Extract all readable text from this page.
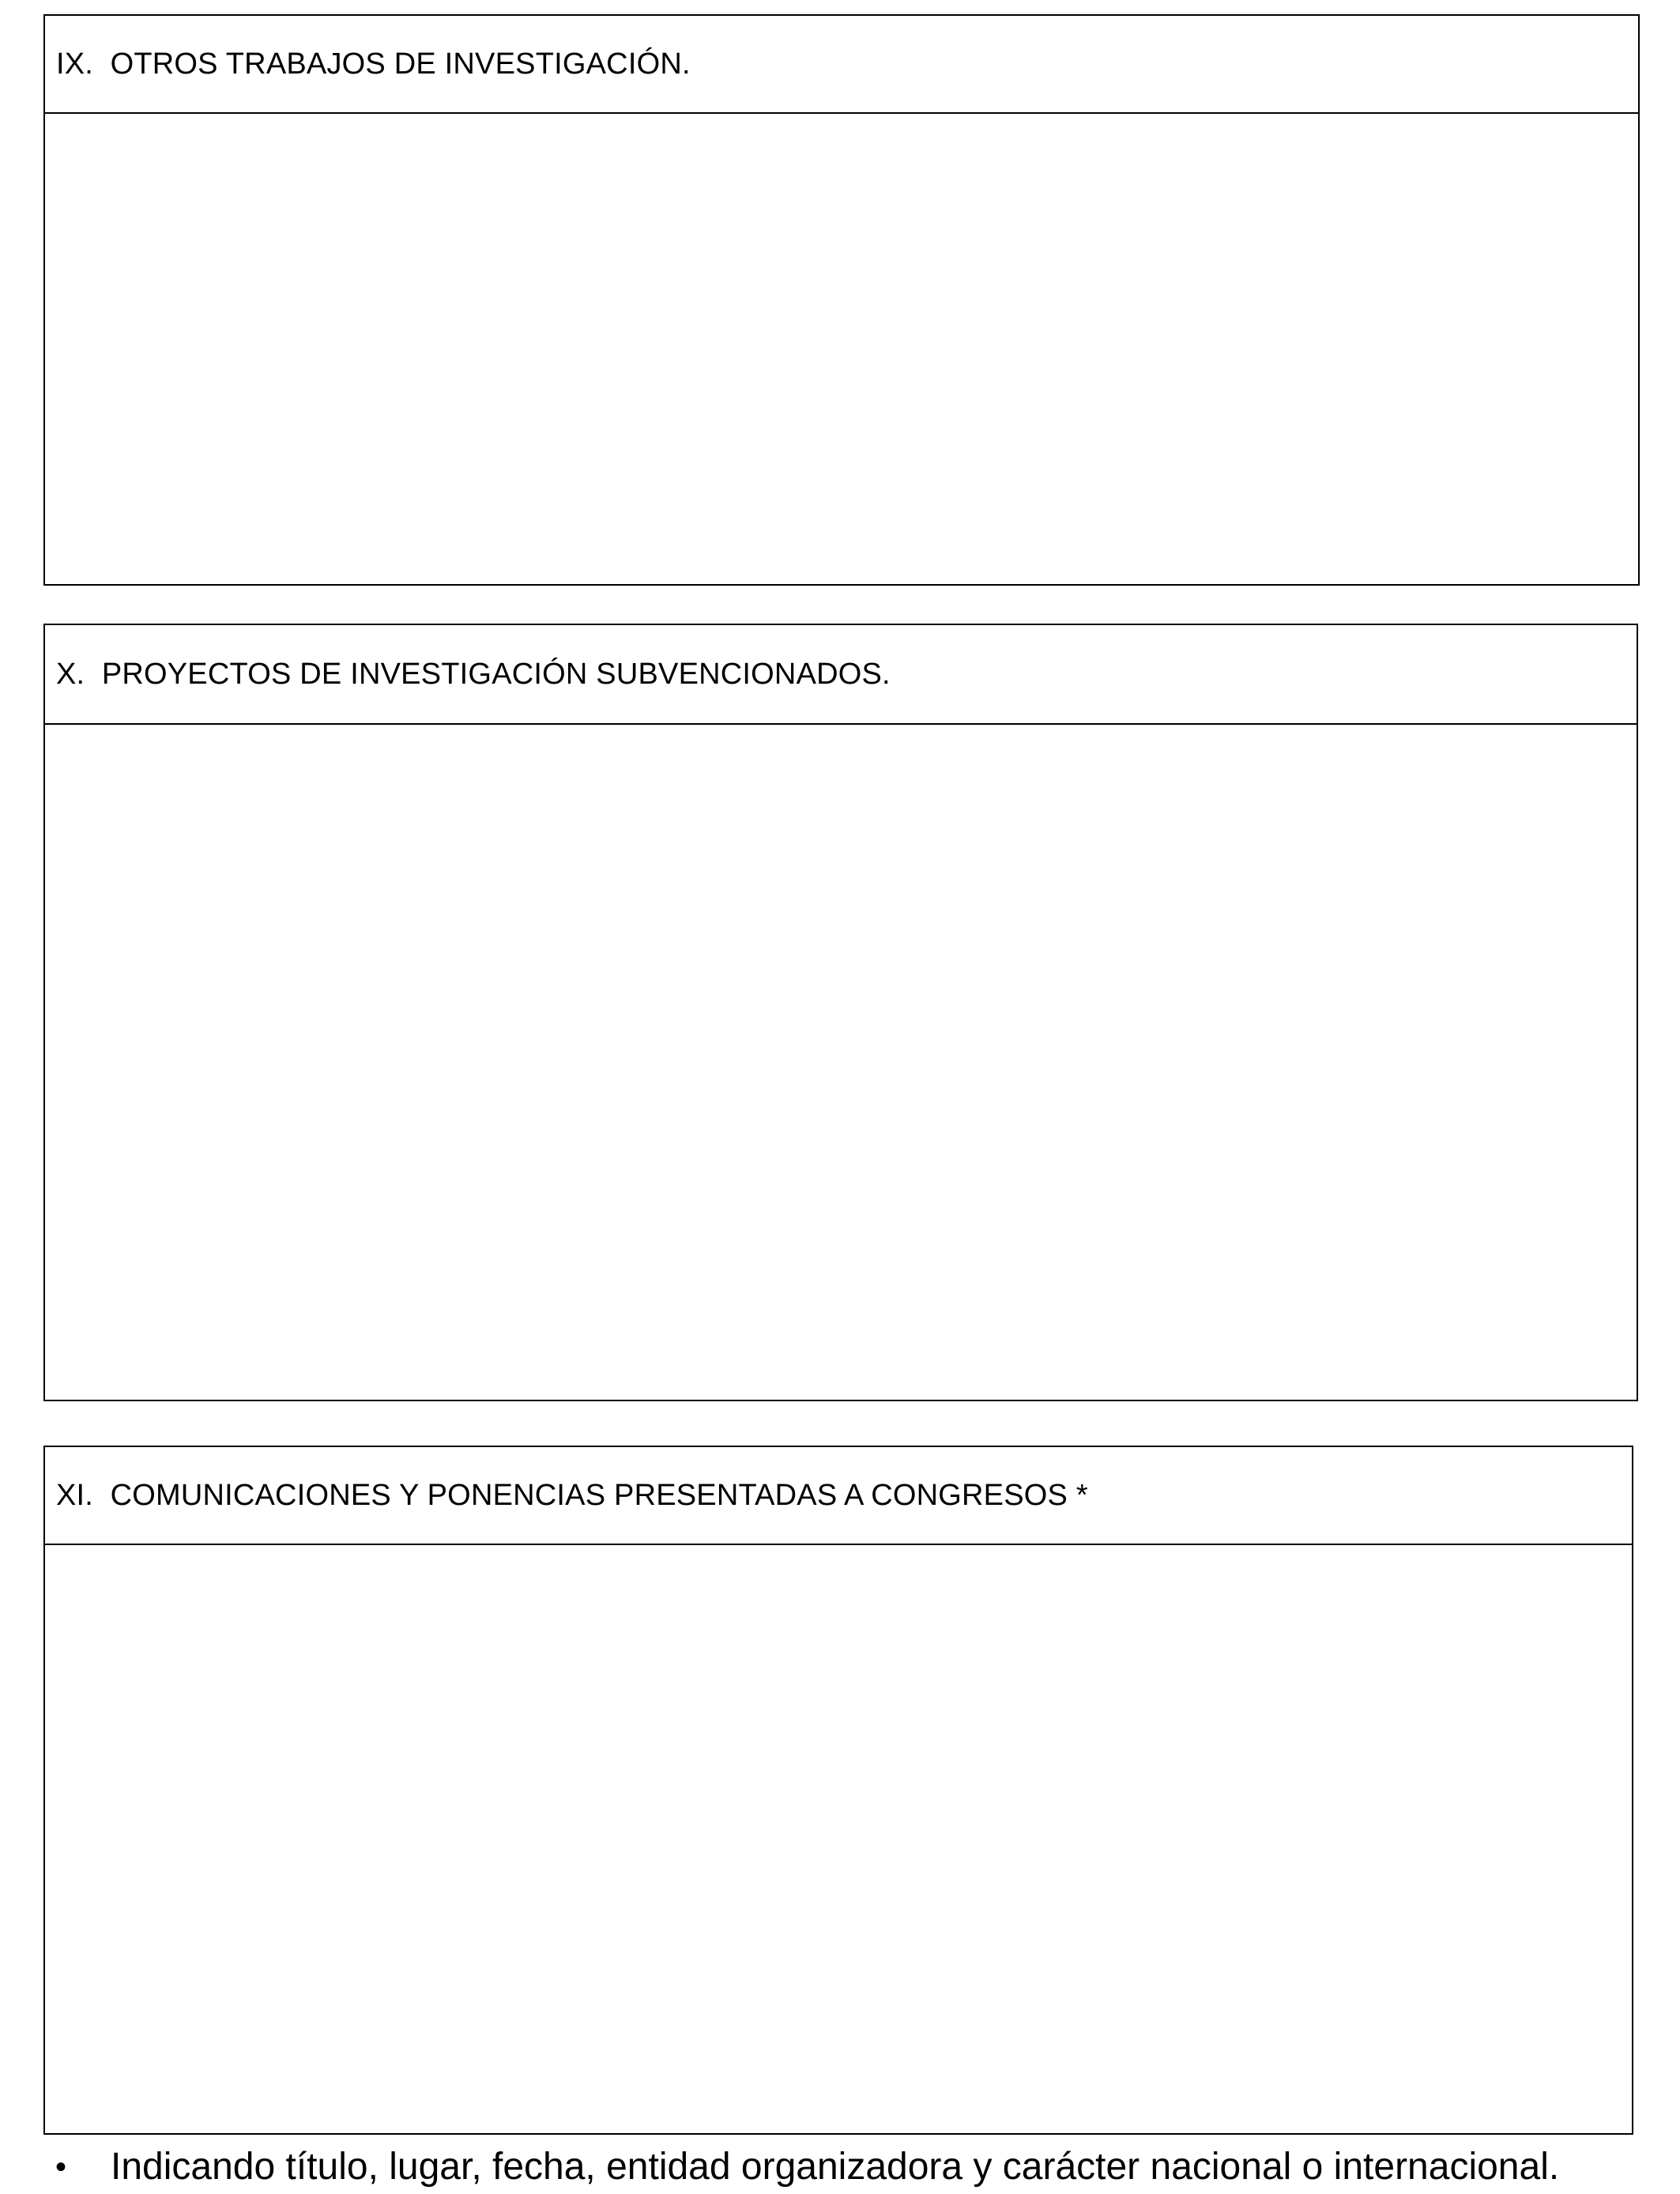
IX.  OTROS TRABAJOS DE INVESTIGACIÓN.
X.  PROYECTOS DE INVESTIGACIÓN SUBVENCIONADOS.
XI.  COMUNICACIONES Y PONENCIAS PRESENTADAS A CONGRESOS *
•	Indicando título, lugar, fecha, entidad organizadora y carácter nacional o internacional.
